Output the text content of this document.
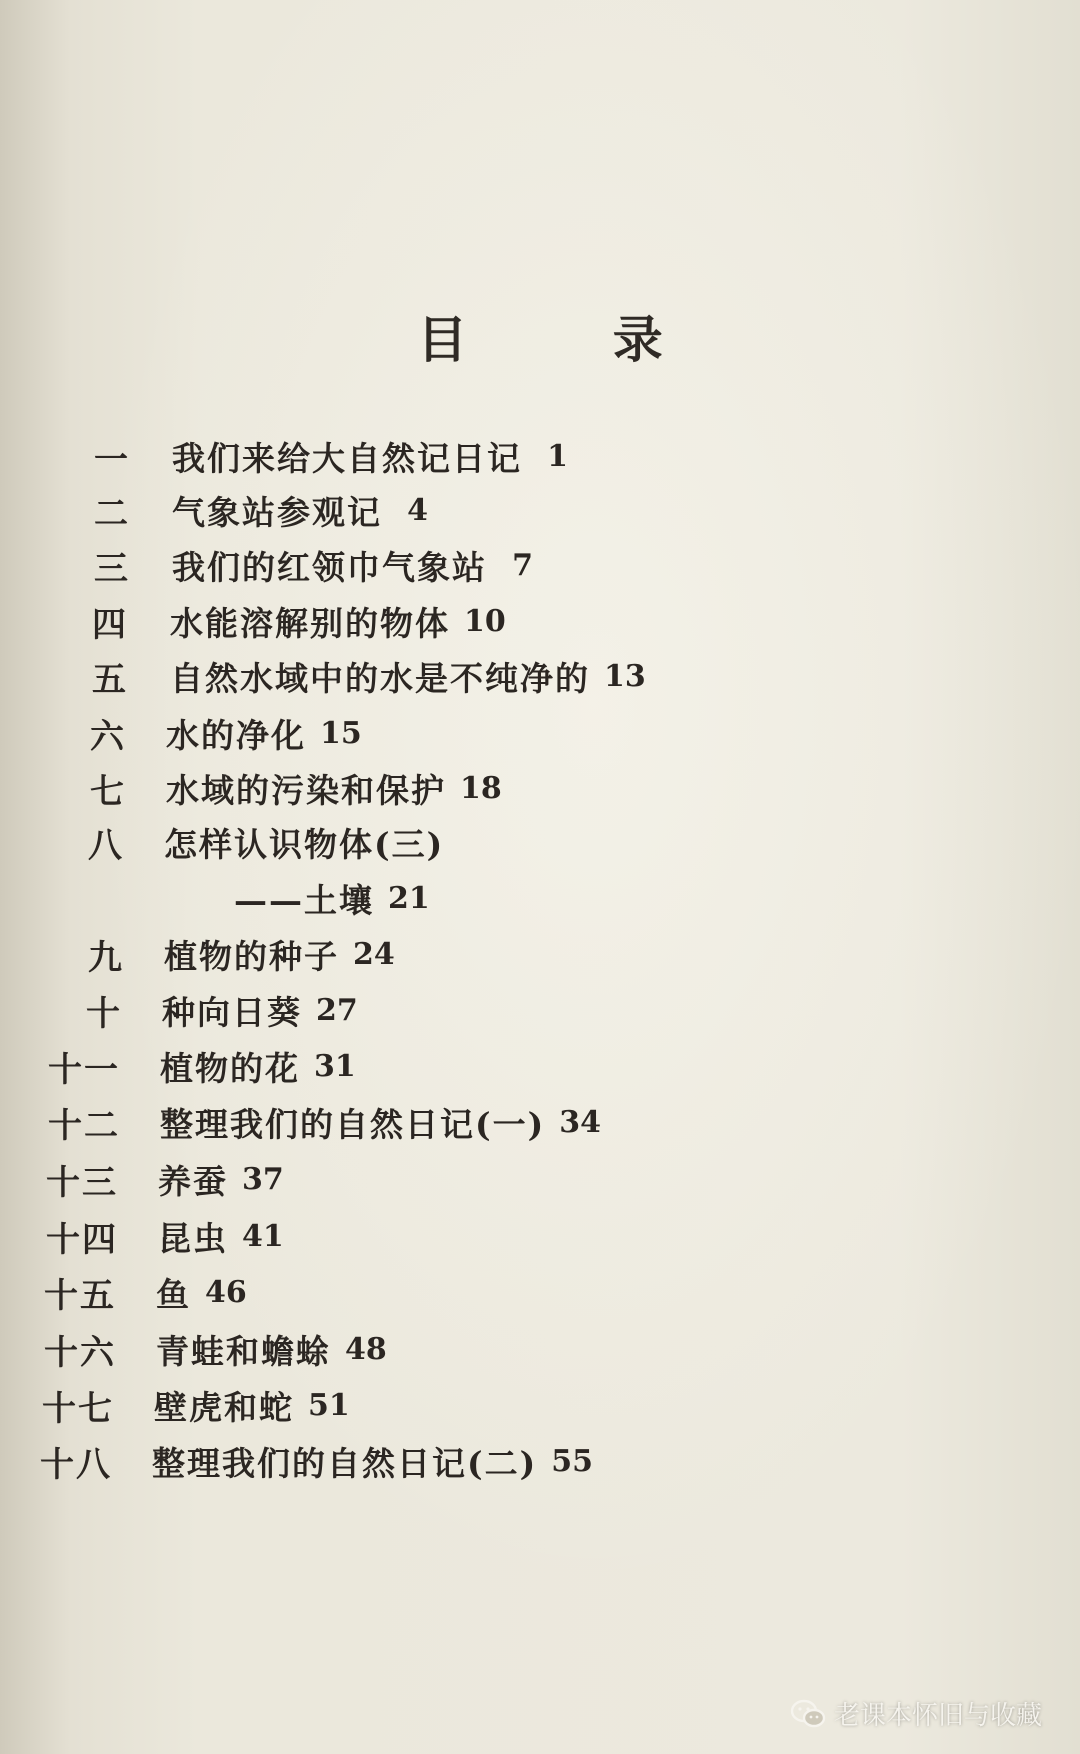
目 录
一 我们来给大自然记日记 1
二 气象站参观记 4
三 我们的红领巾气象站 7
四 水能溶解别的物体 10
五 自然水域中的水是不纯净的 13
六 水的净化 15
七 水域的污染和保护 18
八 怎样认识物体(三)
——土壤 21
九 植物的种子 24
十 种向日葵 27
十一 植物的花 31
十二 整理我们的自然日记(一) 34
十三 养蚕 37
十四 昆虫 41
十五 鱼 46
十六 青蛙和蟾蜍 48
十七 壁虎和蛇 51
十八 整理我们的自然日记(二) 55
老课本怀旧与收藏
